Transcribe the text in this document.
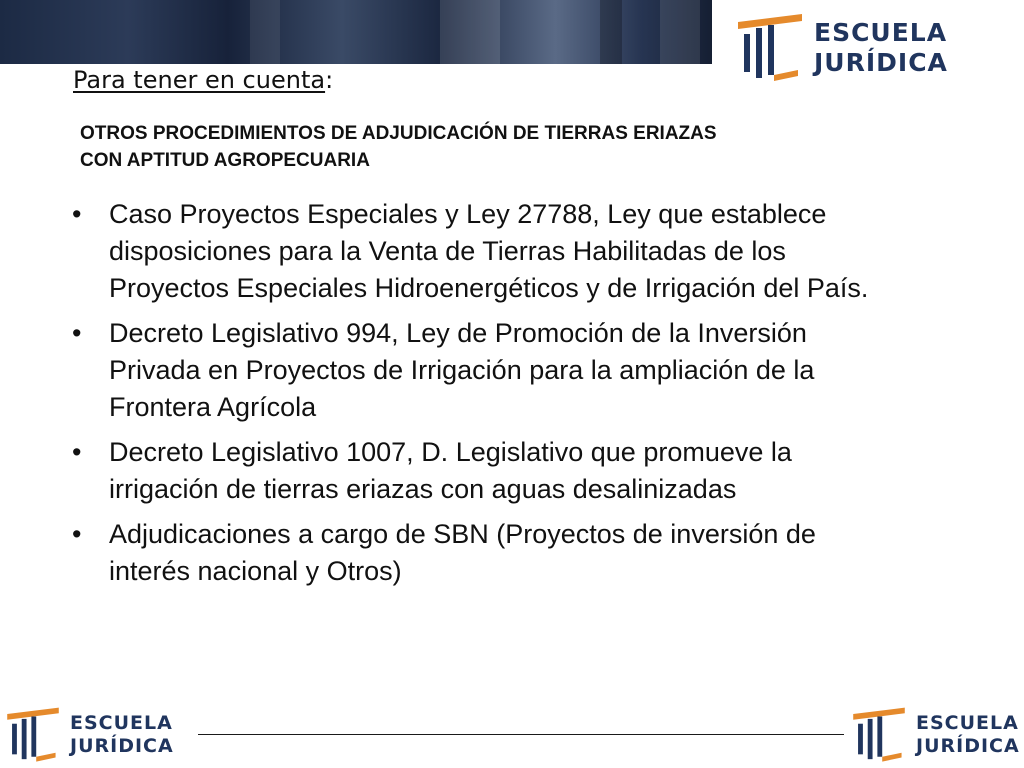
ESCUELA
JURÍDICA
Para tener en cuenta:
OTROS PROCEDIMIENTOS DE ADJUDICACIÓN DE TIERRAS ERIAZAS
CON APTITUD AGROPECUARIA
• Caso Proyectos Especiales y Ley 27788, Ley que establece
disposiciones para la Venta de Tierras Habilitadas de los
Proyectos Especiales Hidroenergéticos y de Irrigación del País.
• Decreto Legislativo 994, Ley de Promoción de la Inversión
Privada en Proyectos de Irrigación para la ampliación de la
Frontera Agrícola
• Decreto Legislativo 1007, D. Legislativo que promueve la
irrigación de tierras eriazas con aguas desalinizadas
• Adjudicaciones a cargo de SBN (Proyectos de inversión de
interés nacional y Otros)
ESCUELA
JURÍDICA
ESCUELA
JURÍDICA
